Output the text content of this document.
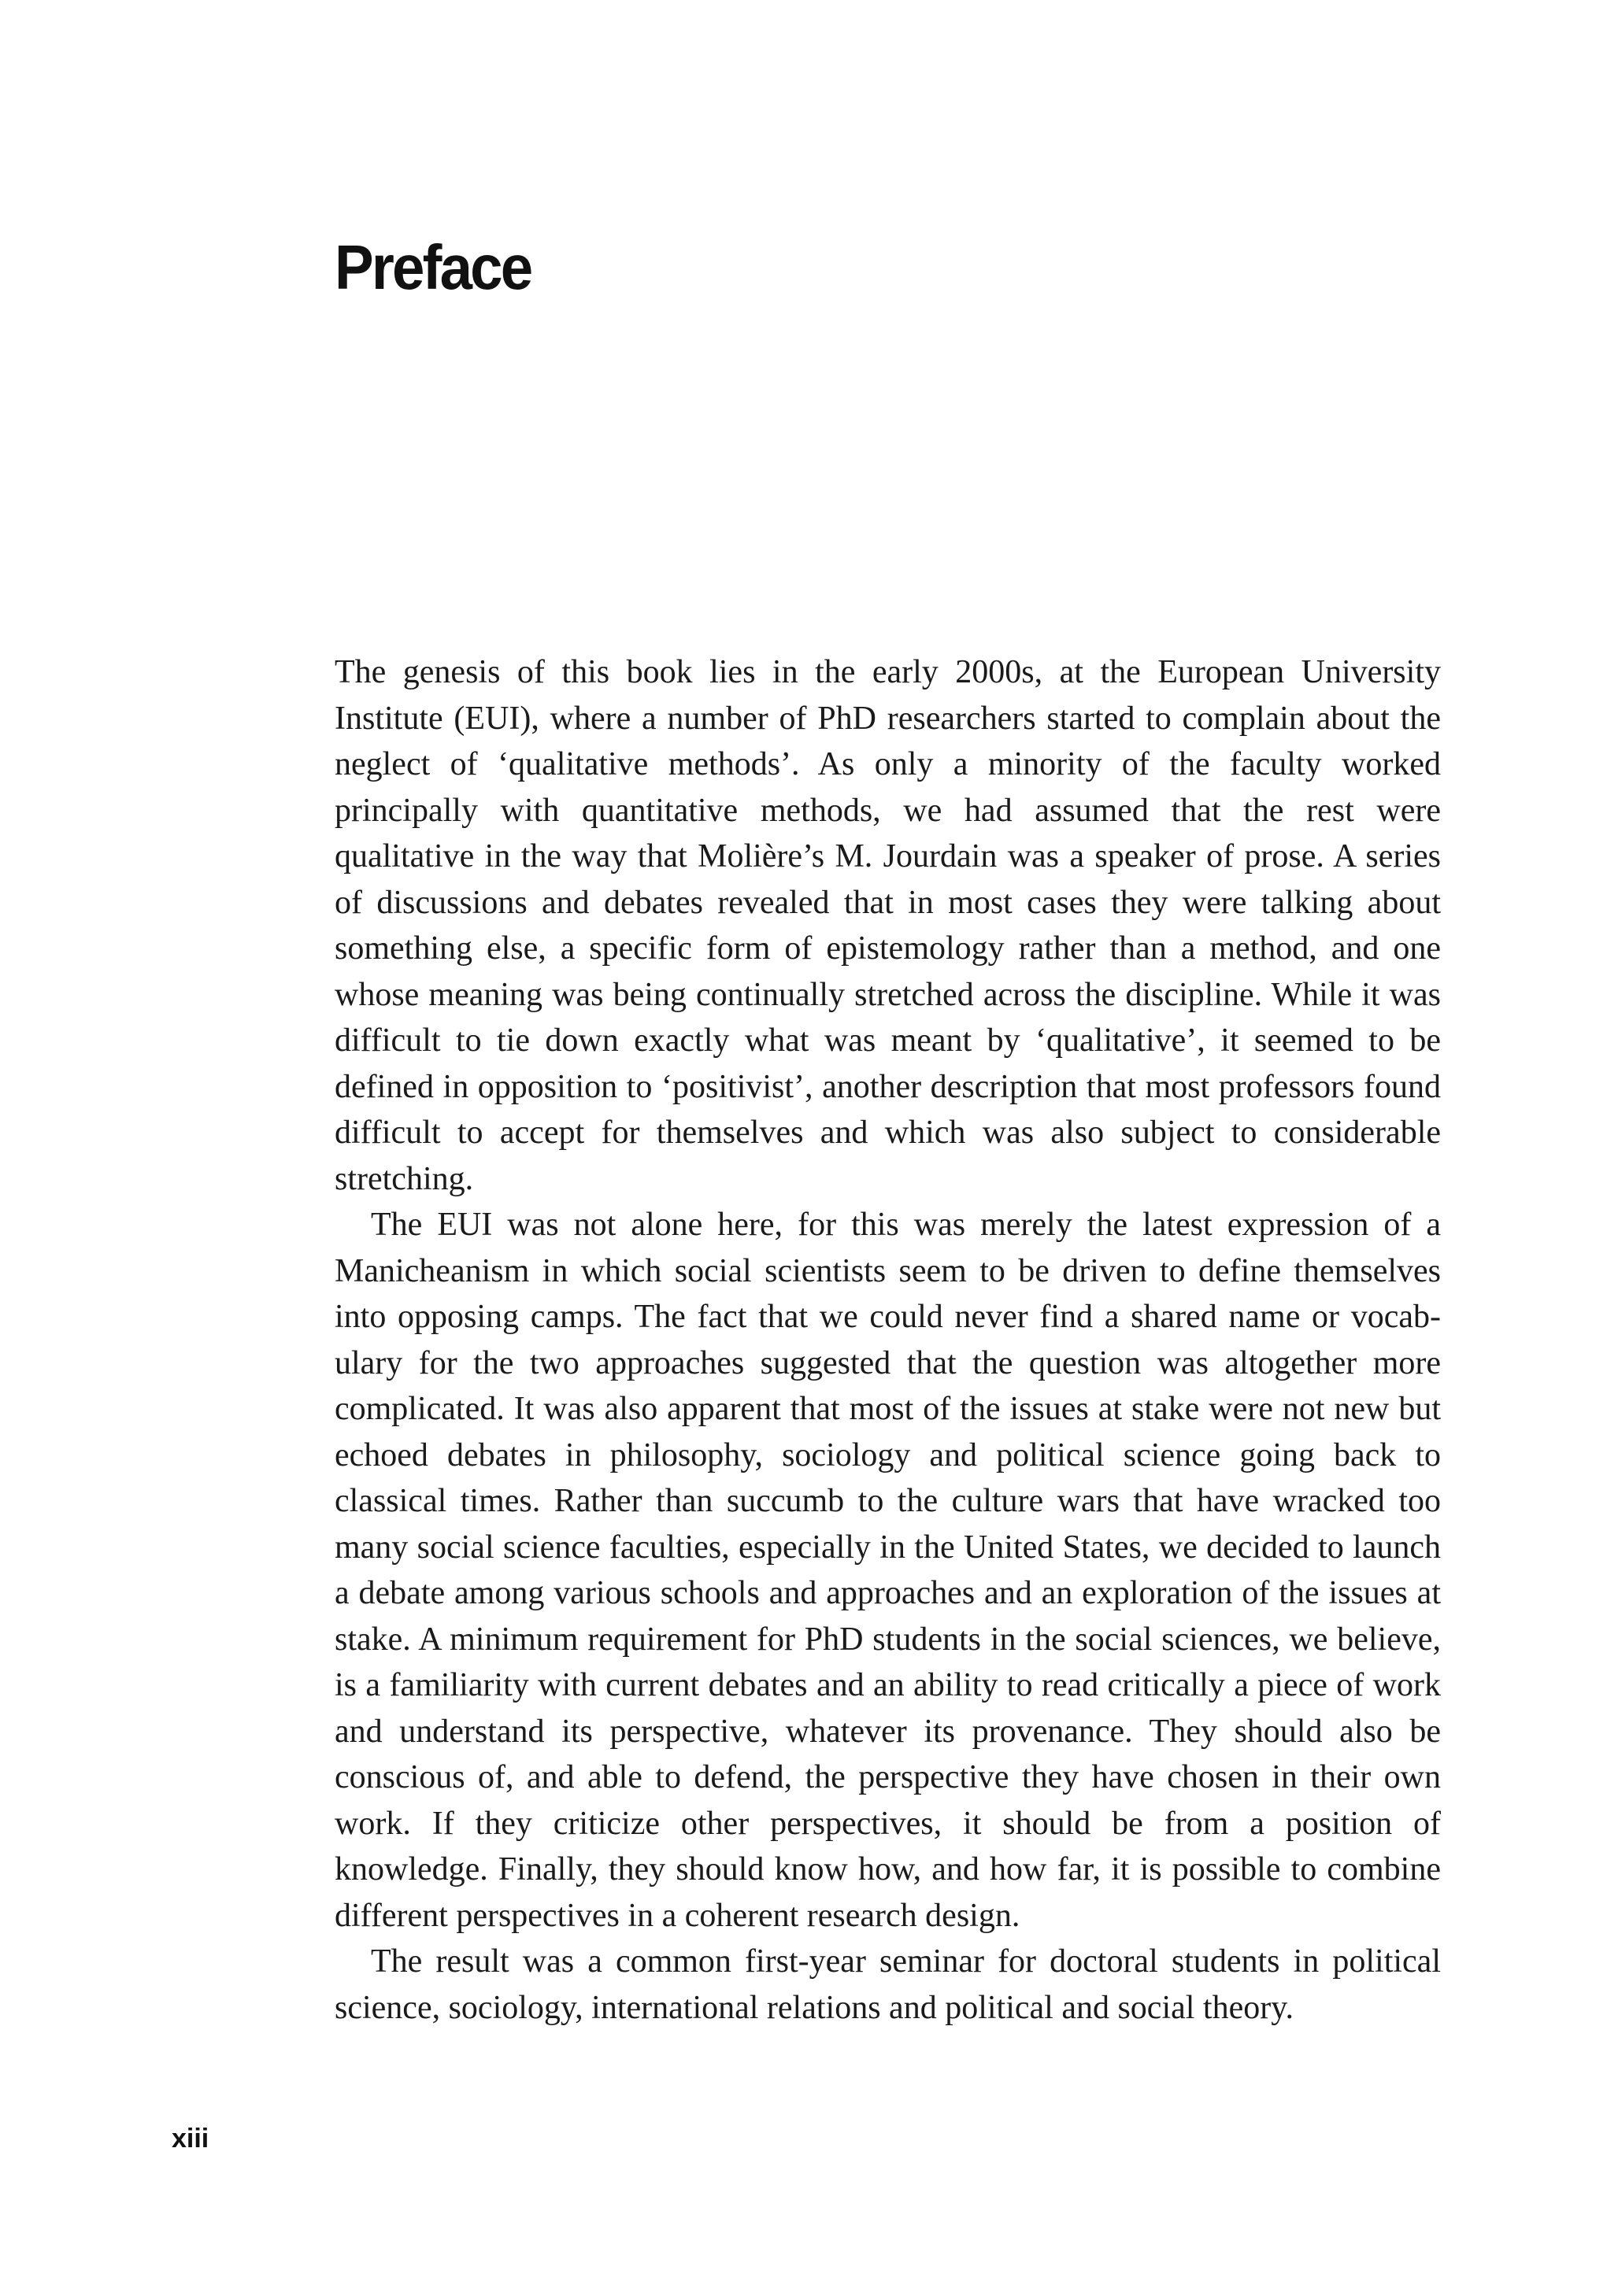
Preface

The genesis of this book lies in the early 2000s, at the European University Institute (EUI), where a number of PhD researchers started to complain about the neglect of ‘qualitative methods’. As only a minority of the faculty worked principally with quantitative methods, we had assumed that the rest were qualitative in the way that Molière’s M. Jourdain was a speaker of prose. A series of discussions and debates revealed that in most cases they were talking about something else, a specific form of epistemology rather than a method, and one whose meaning was being continually stretched across the discipline. While it was difficult to tie down exactly what was meant by ‘qualitative’, it seemed to be defined in opposition to ‘positivist’, another description that most professors found difficult to accept for themselves and which was also subject to considerable stretching.

The EUI was not alone here, for this was merely the latest expression of a Manicheanism in which social scientists seem to be driven to define themselves into opposing camps. The fact that we could never find a shared name or vocabulary for the two approaches suggested that the question was altogether more complicated. It was also apparent that most of the issues at stake were not new but echoed debates in philosophy, sociology and political science going back to classical times. Rather than succumb to the culture wars that have wracked too many social science faculties, especially in the United States, we decided to launch a debate among various schools and approaches and an exploration of the issues at stake. A minimum requirement for PhD students in the social sciences, we believe, is a familiarity with current debates and an ability to read critically a piece of work and understand its perspective, whatever its provenance. They should also be conscious of, and able to defend, the perspective they have chosen in their own work. If they criticize other perspectives, it should be from a position of knowledge. Finally, they should know how, and how far, it is possible to combine different perspectives in a coherent research design.

The result was a common first-year seminar for doctoral students in political science, sociology, international relations and political and social theory.

xiii
